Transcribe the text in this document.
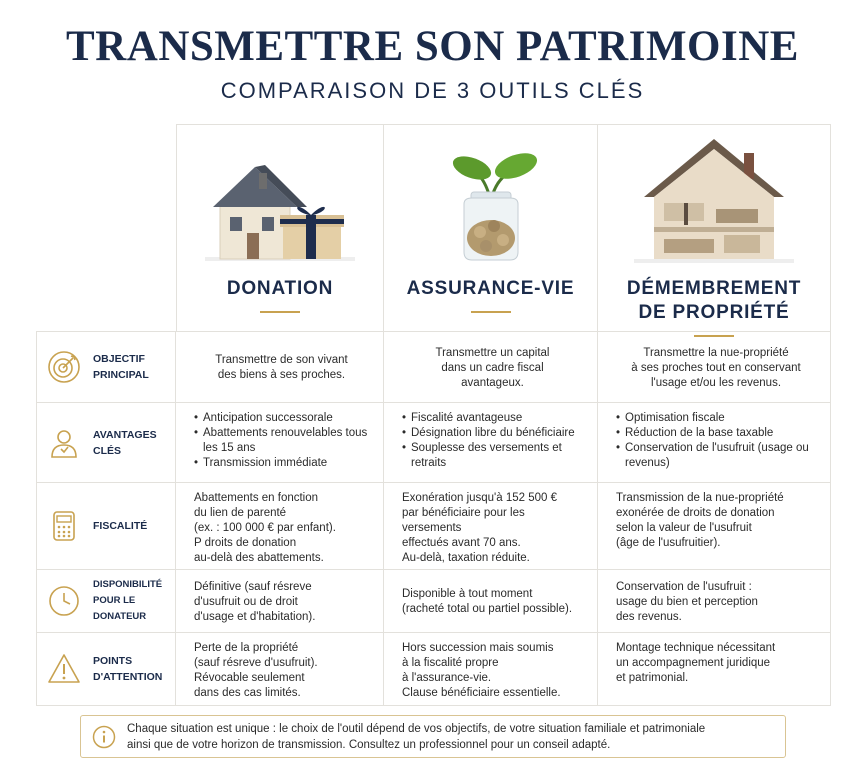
TRANSMETTRE SON PATRIMOINE
COMPARAISON DE 3 OUTILS CLÉS
DONATION	ASSURANCE-VIE	DÉMEMBREMENT
DE PROPRIÉTÉ
OBJECTIF
PRINCIPAL
Transmettre de son vivant
des biens à ses proches.
Transmettre un capital
dans un cadre fiscal
avantageux.
Transmettre la nue-propriété
à ses proches tout en conservant
l'usage et/ou les revenus.
AVANTAGES
CLÉS
• Anticipation successorale
• Abattements renouvelables tous les 15 ans
• Transmission immédiate
• Fiscalité avantageuse
• Désignation libre du bénéficiaire
• Souplesse des versements et retraits
• Optimisation fiscale
• Réduction de la base taxable
• Conservation de l'usufruit (usage ou revenus)
FISCALITÉ
Abattements en fonction
du lien de parenté
(ex. : 100 000 € par enfant).
P droits de donation
au-delà des abattements.
Exonération jusqu'à 152 500 €
par bénéficiaire pour les versements
effectués avant 70 ans.
Au-delà, taxation réduite.
Transmission de la nue-propriété
exonérée de droits de donation
selon la valeur de l'usufruit
(âge de l'usufruitier).
DISPONIBILITÉ
POUR LE DONATEUR
Définitive (sauf résreve
d'usufruit ou de droit
d'usage et d'habitation).
Disponible à tout moment
(racheté total ou partiel possible).
Conservation de l'usufruit :
usage du bien et perception
des revenus.
POINTS
D'ATTENTION
Perte de la propriété
(sauf résreve d'usufruit).
Révocable seulement
dans des cas limités.
Hors succession mais soumis
à la fiscalité propre
à l'assurance-vie.
Clause bénéficiaire essentielle.
Montage technique nécessitant
un accompagnement juridique
et patrimonial.
Chaque situation est unique : le choix de l'outil dépend de vos objectifs, de votre situation familiale et patrimoniale
ainsi que de votre horizon de transmission. Consultez un professionnel pour un conseil adapté.
